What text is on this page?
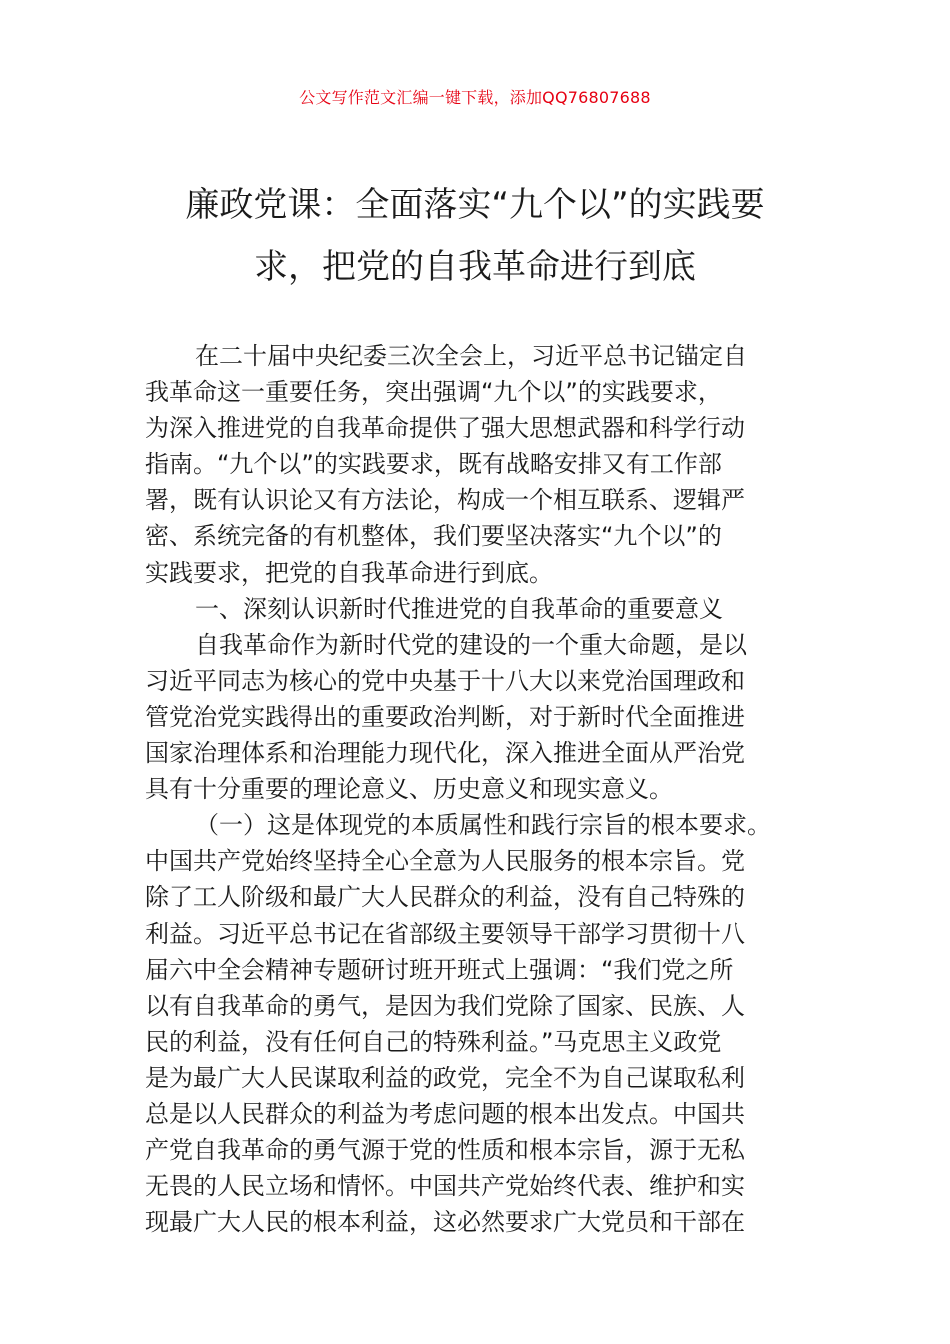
公文写作范文汇编一键下载，添加QQ76807688
廉政党课：全面落实“九个以”的实践要
求，把党的自我革命进行到底
在二十届中央纪委三次全会上，习近平总书记锚定自
我革命这一重要任务，突出强调“九个以”的实践要求，
为深入推进党的自我革命提供了强大思想武器和科学行动
指南。“九个以”的实践要求，既有战略安排又有工作部
署，既有认识论又有方法论，构成一个相互联系、逻辑严
密、系统完备的有机整体，我们要坚决落实“九个以”的
实践要求，把党的自我革命进行到底。
一、深刻认识新时代推进党的自我革命的重要意义
自我革命作为新时代党的建设的一个重大命题，是以
习近平同志为核心的党中央基于十八大以来党治国理政和
管党治党实践得出的重要政治判断，对于新时代全面推进
国家治理体系和治理能力现代化，深入推进全面从严治党
具有十分重要的理论意义、历史意义和现实意义。
（一）这是体现党的本质属性和践行宗旨的根本要求。
中国共产党始终坚持全心全意为人民服务的根本宗旨。党
除了工人阶级和最广大人民群众的利益，没有自己特殊的
利益。习近平总书记在省部级主要领导干部学习贯彻十八
届六中全会精神专题研讨班开班式上强调：“我们党之所
以有自我革命的勇气，是因为我们党除了国家、民族、人
民的利益，没有任何自己的特殊利益。”马克思主义政党
是为最广大人民谋取利益的政党，完全不为自己谋取私利
总是以人民群众的利益为考虑问题的根本出发点。中国共
产党自我革命的勇气源于党的性质和根本宗旨，源于无私
无畏的人民立场和情怀。中国共产党始终代表、维护和实
现最广大人民的根本利益，这必然要求广大党员和干部在
